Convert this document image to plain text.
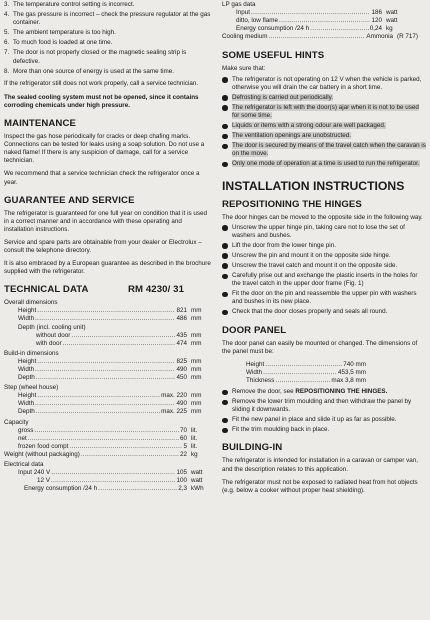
3. The temperature control setting is incorrect.
4. The gas pressure is incorrect – check the pressure regulator at the gas container.
5. The ambient temperature is too high.
6. To much food is loaded at one time.
7. The door is not properly closed or the magnetic sealing strip is defective.
8. More than one source of energy is used at the same time.

If the refrigerator still does not work properly, call a service technician.

The sealed cooling system must not be opened, since it contains corroding chemicals under high pressure.

MAINTENANCE

Inspect the gas hose periodically for cracks or deep chafing marks. Connections can be tested for leaks using a soap solution. Do not use a naked flame! If there is any suspicion of damage, call for a service technician.

We recommend that a service technician check the refrigerator once a year.

GUARANTEE AND SERVICE

The refrigerator is guaranteed for one full year on condition that it is used in a correct manner and in accordance with these operating and installation instructions.

Service and spare parts are obtainable from your dealer or Electrolux – consult the telephone directory.

It is also embraced by a European guarantee as described in the brochure supplied with the refrigerator.

TECHNICAL DATA	RM 4230/ 31
Overall dimensions
Height .....	821 mm
Width .....	486 mm
Depth (incl. cooling unit)
without door .....	435 mm
with door .....	474 mm
Build-in dimensions
Height .....	825 mm
Width .....	490 mm
Depth .....	450 mm
Step (wheel house)
Height .....	max. 220 mm
Width .....	490 mm
Depth .....	max. 225 mm
Capacity
gross .....	70 lit.
net .....	60 lit.
frozen food compt .....	5 lit.
Weight (without packaging) .....	22 kg
Electrical data
Input 240 V .....	105 watt
12 V .....	100 watt
Energy consumption /24 h .....	2,3 kWh
LP gas data
Input .....	186 watt
ditto, low flame .....	120 watt
Energy consumption /24 h .....	0,24 kg
Cooling medium .....	Ammonia (R 717)
SOME USEFUL HINTS
Make sure that:
The refrigerator is not operating on 12 V when the vehicle is parked, otherwise you will drain the car battery in a short time.
Defrosting is carried out periodically.
The refrigerator is left with the door(s) ajar when it is not to be used for some time.
Liquids or items with a strong odour are well packaged.
The ventilation openings are unobstructed.
The door is secured by means of the travel catch when the caravan is on the move.
Only one mode of operation at a time is used to run the refrigerator.
INSTALLATION INSTRUCTIONS
REPOSITIONING THE HINGES

The door hinges can be moved to the opposite side in the following way.

Unscrew the upper hinge pin, taking care not to lose the set of washers and bushes.
Lift the door from the lower hinge pin.
Unscrew the pin and mount it on the opposite side hinge.
Unscrew the travel catch and mount it on the opposite side.
Carefully prise out and exchange the plastic inserts in the holes for the travel catch in the upper door frame (Fig. 1)
Fit the door on the pin and reassemble the upper pin with washers and bushes in its new place.
Check that the door closes properly and seals all round.
DOOR PANEL

The door panel can easily be mounted or changed. The dimensions of the panel must be:

Height .....	740 mm
Width .....	453,5 mm
Thickness .....	max 3,8 mm
Remove the door, see REPOSITIONING THE HINGES.
Remove the lower trim moulding and then withdraw the panel by sliding it downwards.
Fit the new panel in place and slide it up as far as possible.
Fit the trim moulding back in place.
BUILDING-IN

The refrigerator is intended for installation in a caravan or camper van, and the description relates to this application.

The refrigerator must not be exposed to radiated heat from hot objects (e.g. below a cooker without proper heat shielding).
